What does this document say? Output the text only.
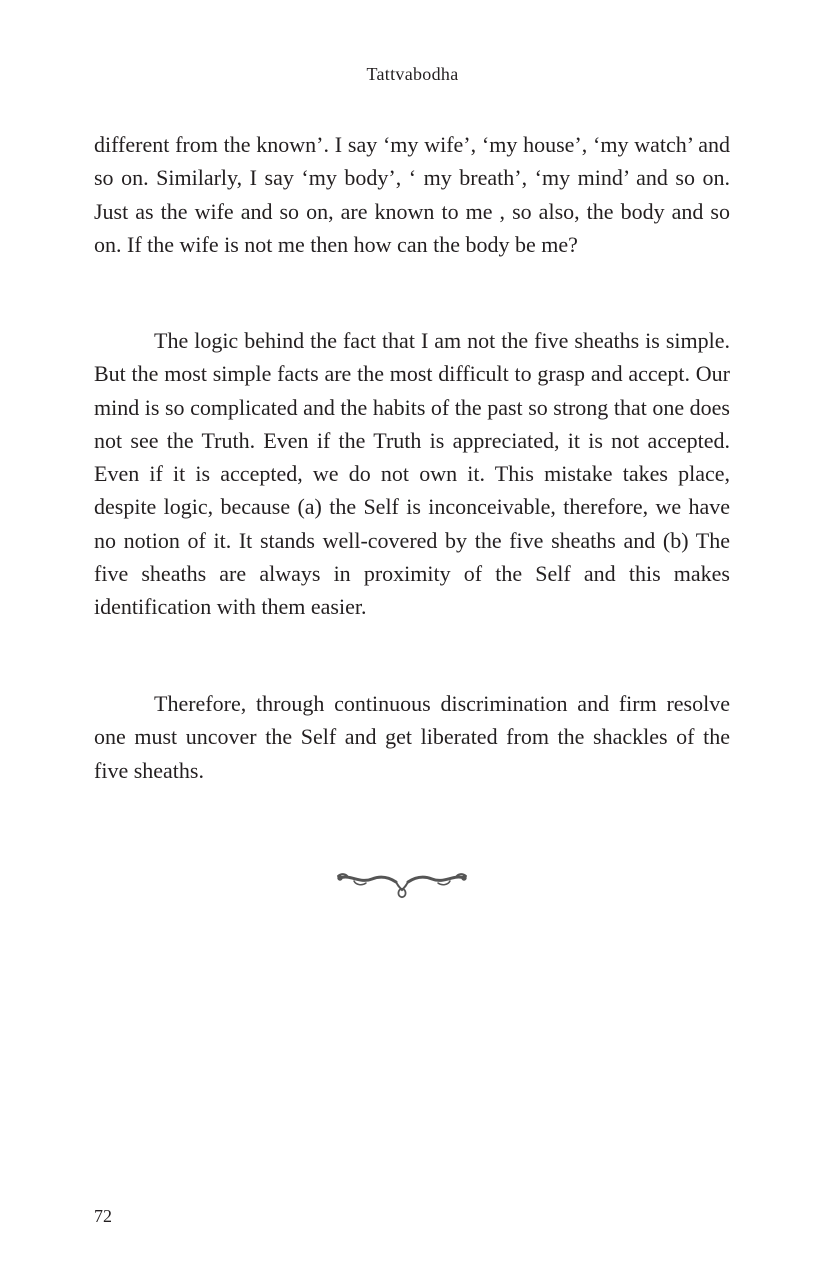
Tattvabodha

different from the known’. I say ‘my wife’, ‘my house’, ‘my watch’ and so on. Similarly, I say ‘my body’, ‘ my breath’, ‘my mind’ and so on. Just as the wife and so on, are known to me , so also, the body and so on. If the wife is not me then how can the body be me?

The logic behind the fact that I am not the five sheaths is simple. But the most simple facts are the most difficult to grasp and accept. Our mind is so complicated and the habits of the past so strong that one does not see the Truth. Even if the Truth is appreciated, it is not accepted. Even if it is accepted, we do not own it. This mistake takes place, despite logic, because (a) the Self is inconceivable, therefore, we have no notion of it. It stands well-covered by the five sheaths and (b) The five sheaths are always in proximity of the Self and this makes identification with them easier.

Therefore, through continuous discrimination and firm resolve one must uncover the Self and get liberated from the shackles of the five sheaths.

72
